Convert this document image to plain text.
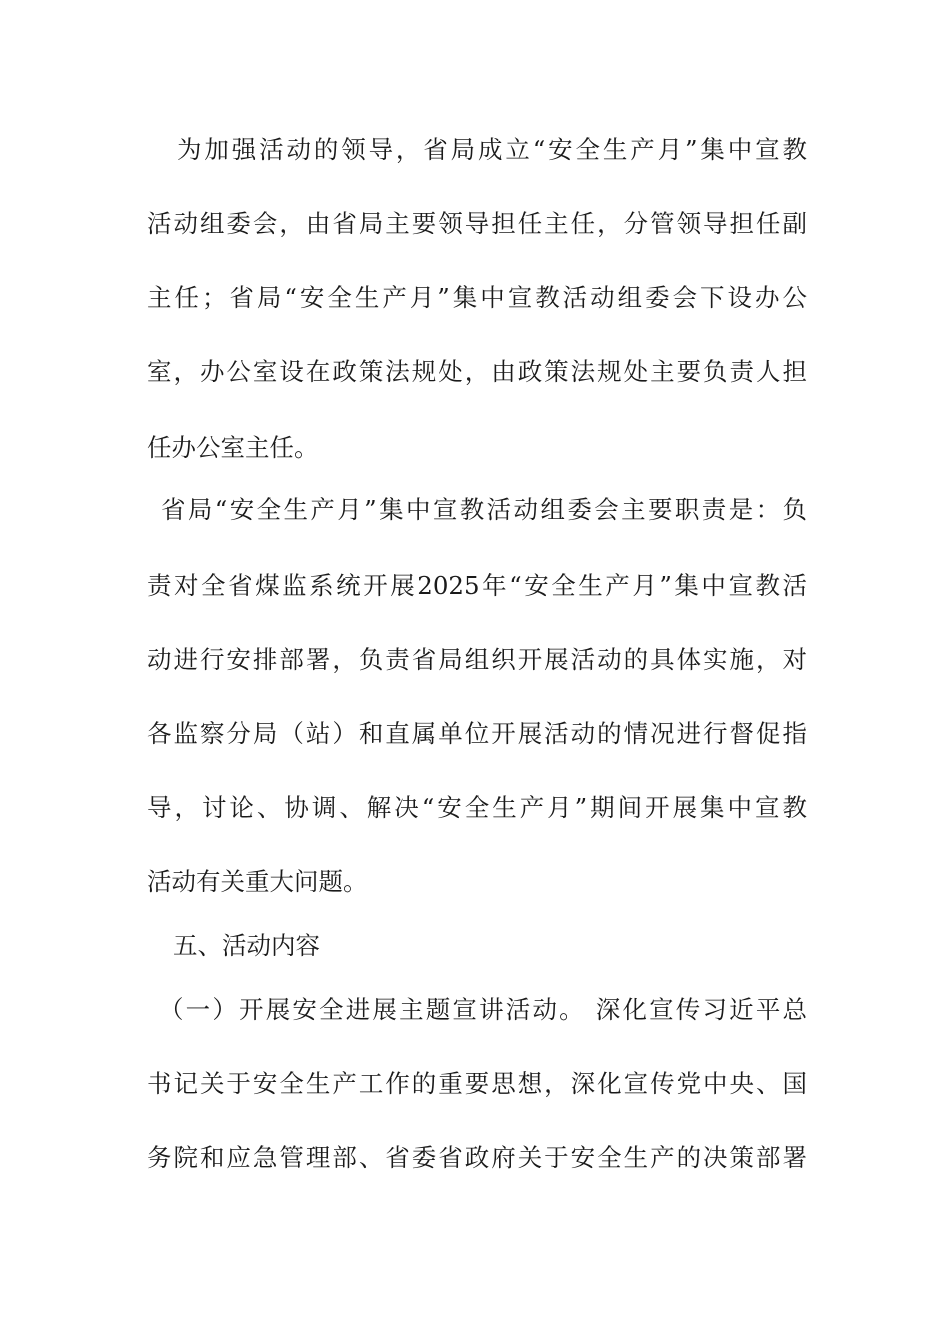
为加强活动的领导，省局成立“安全生产月”集中宣教
活动组委会，由省局主要领导担任主任，分管领导担任副
主任；省局“安全生产月”集中宣教活动组委会下设办公
室，办公室设在政策法规处，由政策法规处主要负责人担
任办公室主任。
省局“安全生产月”集中宣教活动组委会主要职责是：负
责对全省煤监系统开展2025年“安全生产月”集中宣教活
动进行安排部署，负责省局组织开展活动的具体实施，对
各监察分局（站）和直属单位开展活动的情况进行督促指
导，讨论、协调、解决“安全生产月”期间开展集中宣教
活动有关重大问题。
五、活动内容
（一）开展安全进展主题宣讲活动。 深化宣传习近平总
书记关于安全生产工作的重要思想，深化宣传党中央、国
务院和应急管理部、省委省政府关于安全生产的决策部署
